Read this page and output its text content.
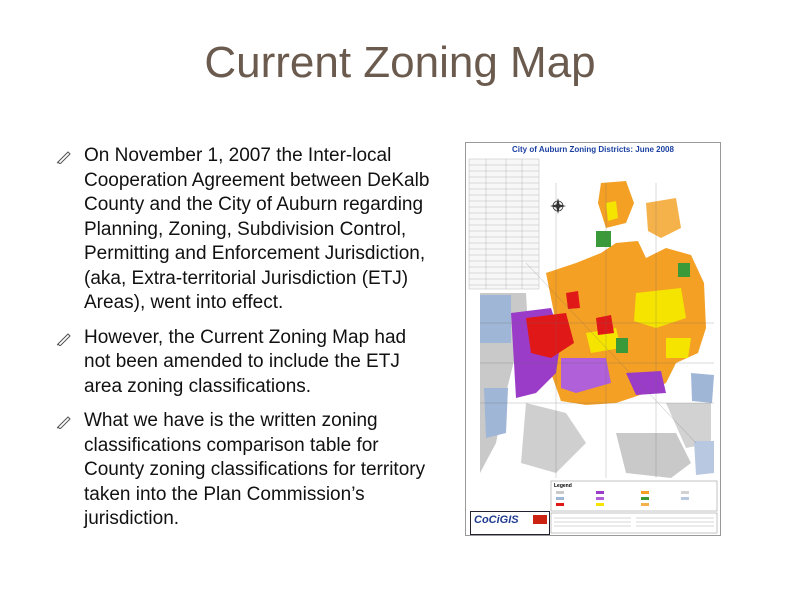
Current Zoning Map
On November 1, 2007 the Inter-local Cooperation Agreement between DeKalb County and the City of Auburn regarding Planning, Zoning, Subdivision Control, Permitting and Enforcement Jurisdiction, (aka, Extra-territorial Jurisdiction (ETJ) Areas), went into effect.
However, the Current Zoning Map had not been amended to include the ETJ area zoning classifications.
What we have is the written zoning classifications comparison table for County zoning classifications for territory taken into the Plan Commission’s jurisdiction.
City of Auburn Zoning Districts: June 2008
Legend
CoCiGIS
